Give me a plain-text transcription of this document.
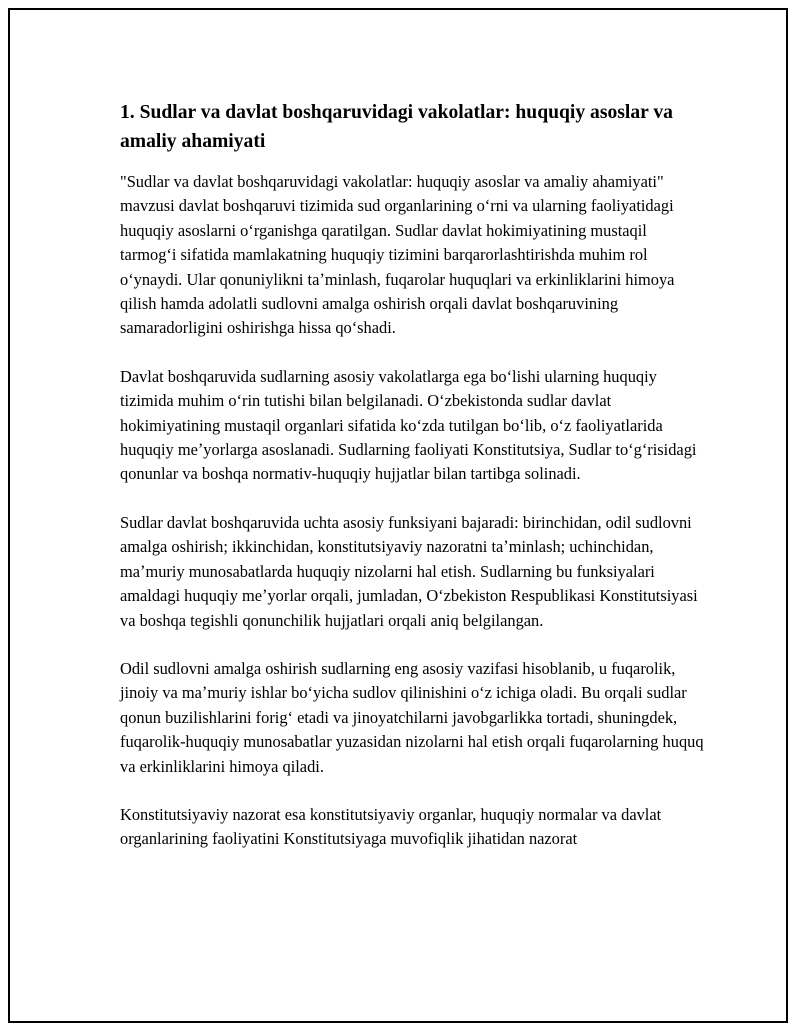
1. Sudlar va davlat boshqaruvidagi vakolatlar: huquqiy asoslar va amaliy ahamiyati

"Sudlar va davlat boshqaruvidagi vakolatlar: huquqiy asoslar va amaliy ahamiyati" mavzusi davlat boshqaruvi tizimida sud organlarining oʻrni va ularning faoliyatidagi huquqiy asoslarni oʻrganishga qaratilgan. Sudlar davlat hokimiyatining mustaqil tarmogʻi sifatida mamlakatning huquqiy tizimini barqarorlashtirishda muhim rol oʻynaydi. Ular qonuniylikni taʼminlash, fuqarolar huquqlari va erkinliklarini himoya qilish hamda adolatli sudlovni amalga oshirish orqali davlat boshqaruvining samaradorligini oshirishga hissa qoʻshadi.

Davlat boshqaruvida sudlarning asosiy vakolatlarga ega boʻlishi ularning huquqiy tizimida muhim oʻrin tutishi bilan belgilanadi. Oʻzbekistonda sudlar davlat hokimiyatining mustaqil organlari sifatida koʻzda tutilgan boʻlib, oʻz faoliyatlarida huquqiy meʼyorlarga asoslanadi. Sudlarning faoliyati Konstitutsiya, Sudlar toʻgʻrisidagi qonunlar va boshqa normativ-huquqiy hujjatlar bilan tartibga solinadi.

Sudlar davlat boshqaruvida uchta asosiy funksiyani bajaradi: birinchidan, odil sudlovni amalga oshirish; ikkinchidan, konstitutsiyaviy nazoratni taʼminlash; uchinchidan, maʼmuriy munosabatlarda huquqiy nizolarni hal etish. Sudlarning bu funksiyalari amaldagi huquqiy meʼyorlar orqali, jumladan, Oʻzbekiston Respublikasi Konstitutsiyasi va boshqa tegishli qonunchilik hujjatlari orqali aniq belgilangan.

Odil sudlovni amalga oshirish sudlarning eng asosiy vazifasi hisoblanib, u fuqarolik, jinoiy va maʼmuriy ishlar boʻyicha sudlov qilinishini oʻz ichiga oladi. Bu orqali sudlar qonun buzilishlarini forigʻ etadi va jinoyatchilarni javobgarlikka tortadi, shuningdek, fuqarolik-huquqiy munosabatlar yuzasidan nizolarni hal etish orqali fuqarolarning huquq va erkinliklarini himoya qiladi.

Konstitutsiyaviy nazorat esa konstitutsiyaviy organlar, huquqiy normalar va davlat organlarining faoliyatini Konstitutsiyaga muvofiqlik jihatidan nazorat
